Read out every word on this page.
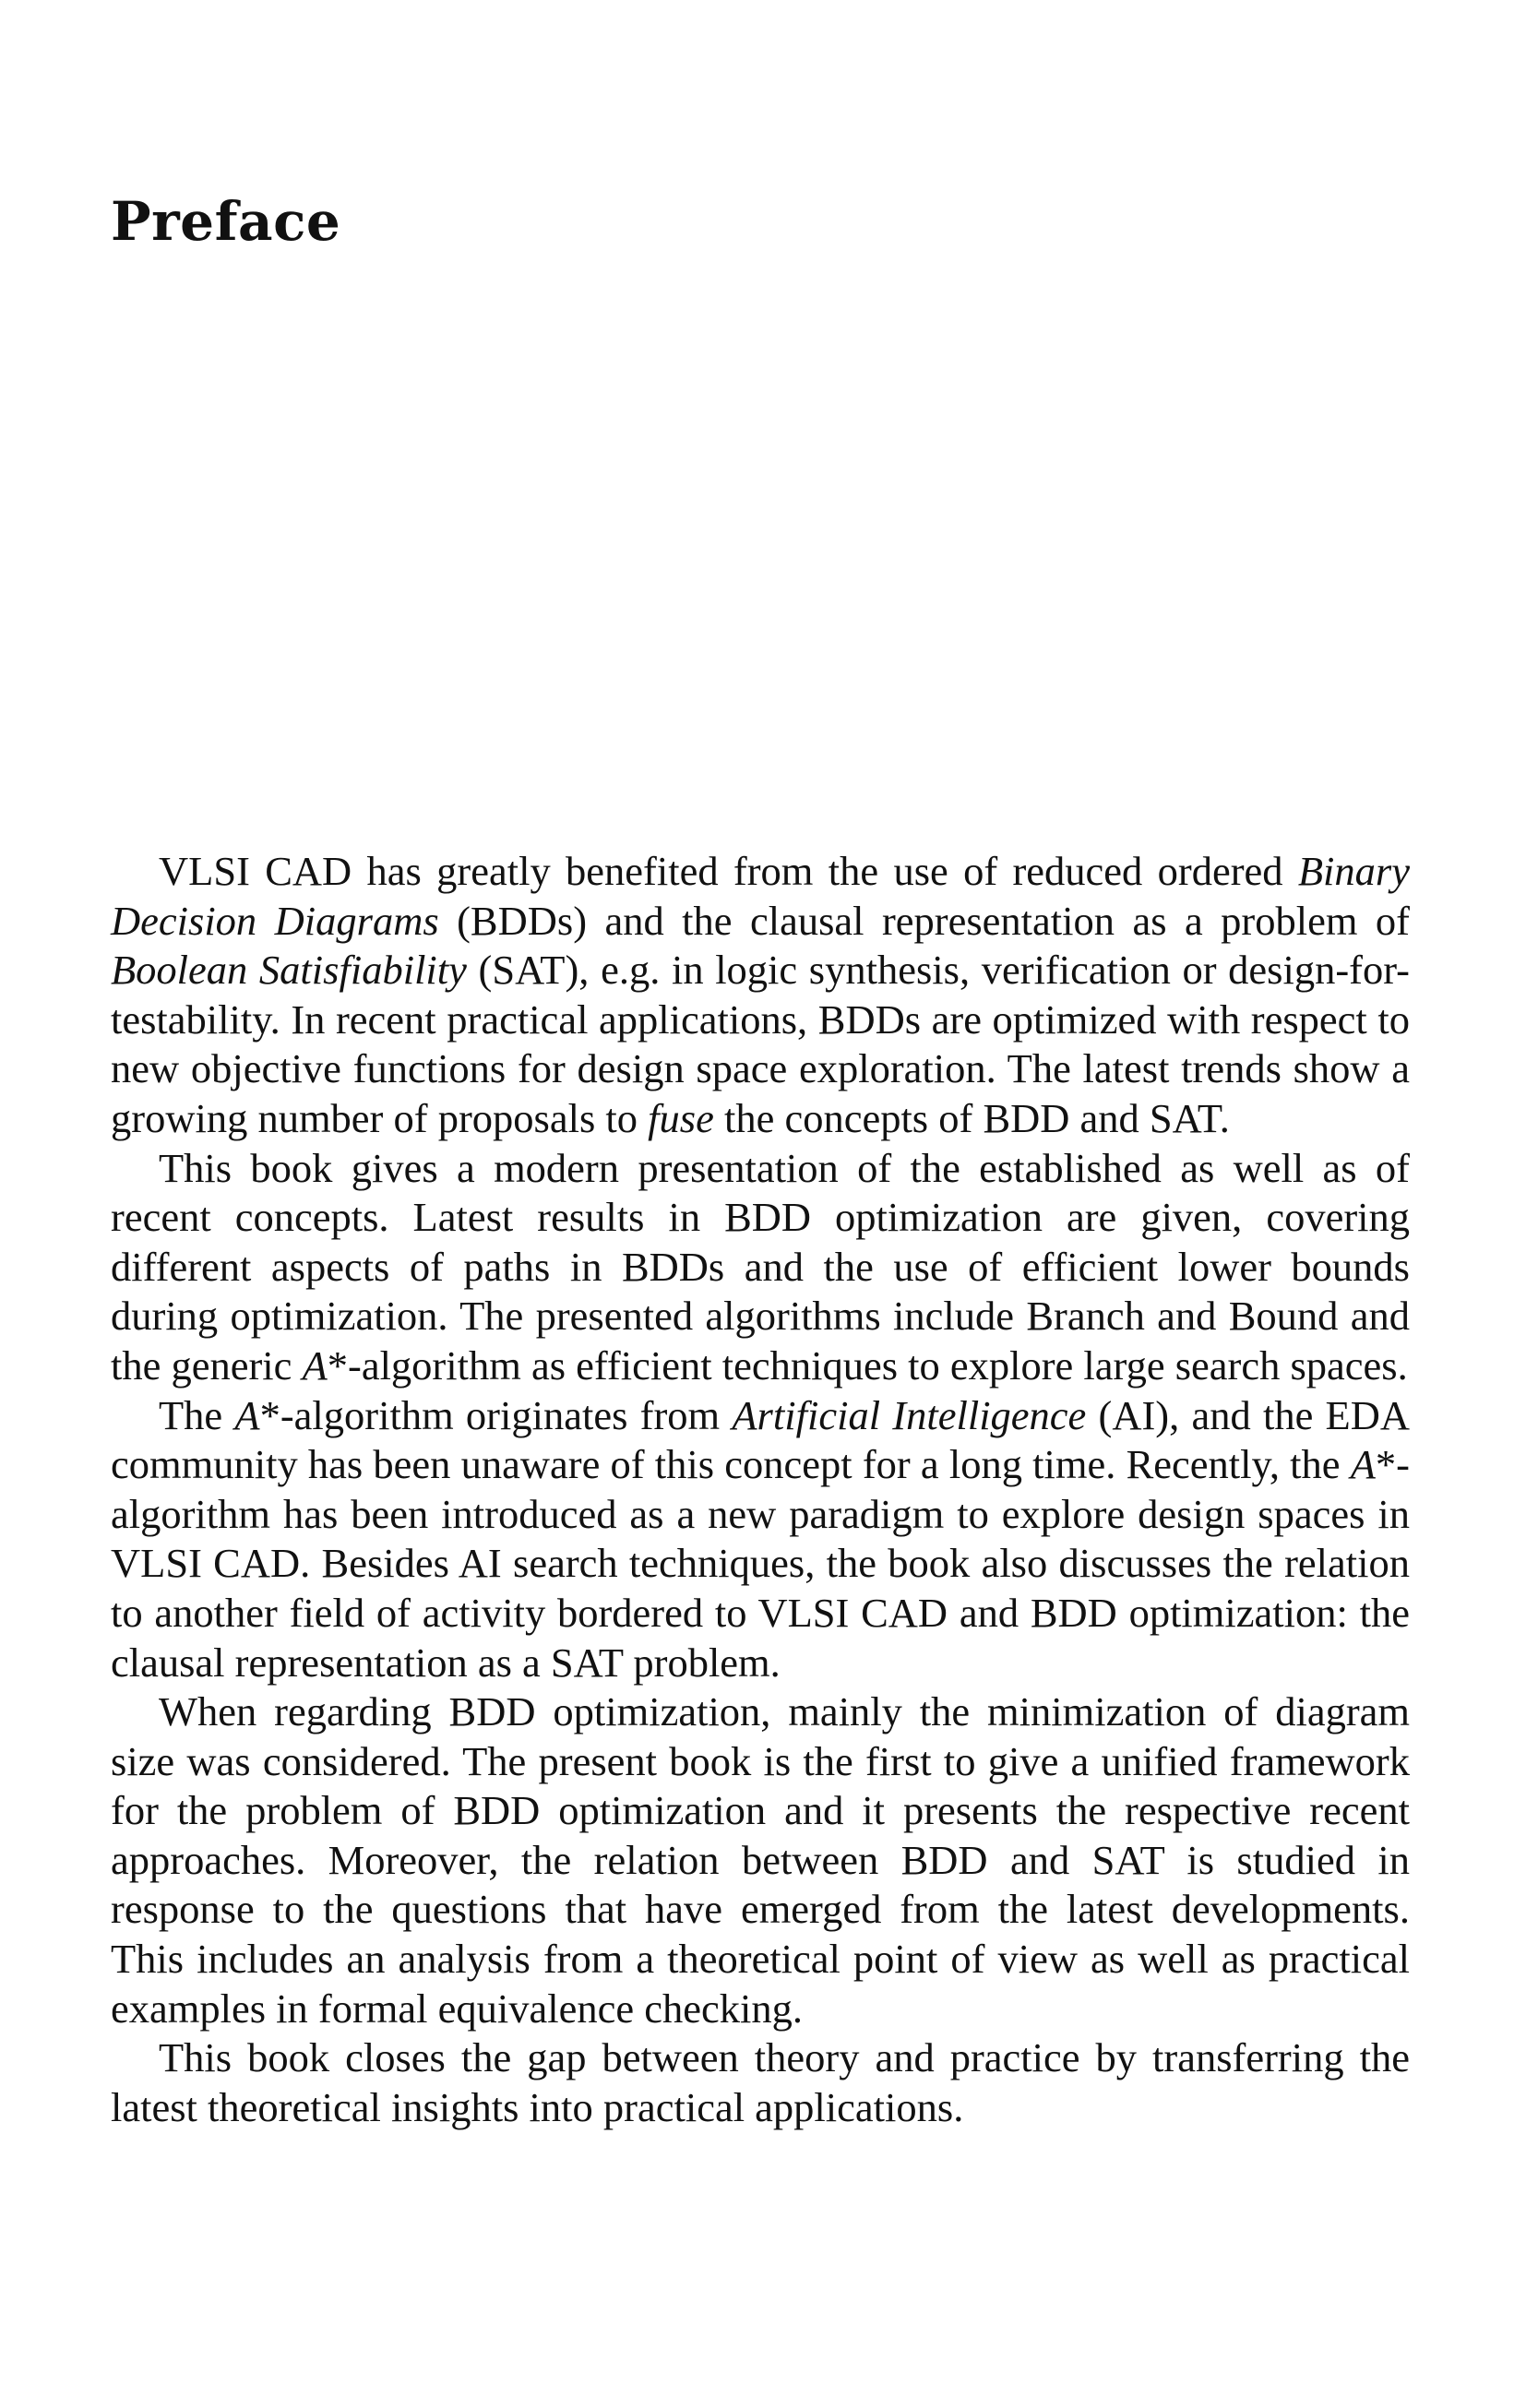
Preface

VLSI CAD has greatly benefited from the use of reduced ordered Binary Decision Diagrams (BDDs) and the clausal representation as a problem of Boolean Satisfiability (SAT), e.g. in logic synthesis, verification or design-for-testability. In recent practical applications, BDDs are optimized with respect to new objective functions for design space exploration. The latest trends show a growing number of proposals to fuse the concepts of BDD and SAT.

This book gives a modern presentation of the established as well as of recent concepts. Latest results in BDD optimization are given, covering different aspects of paths in BDDs and the use of efficient lower bounds during optimization. The presented algorithms include Branch and Bound and the generic A*-algorithm as efficient techniques to explore large search spaces.

The A*-algorithm originates from Artificial Intelligence (AI), and the EDA community has been unaware of this concept for a long time. Recently, the A*-algorithm has been introduced as a new paradigm to explore design spaces in VLSI CAD. Besides AI search techniques, the book also discusses the relation to another field of activity bordered to VLSI CAD and BDD optimization: the clausal representation as a SAT problem.

When regarding BDD optimization, mainly the minimization of diagram size was considered. The present book is the first to give a unified framework for the problem of BDD optimization and it presents the respective recent approaches. Moreover, the relation between BDD and SAT is studied in response to the questions that have emerged from the latest developments. This includes an analysis from a theoretical point of view as well as practical examples in formal equivalence checking.

This book closes the gap between theory and practice by transferring the latest theoretical insights into practical applications.
